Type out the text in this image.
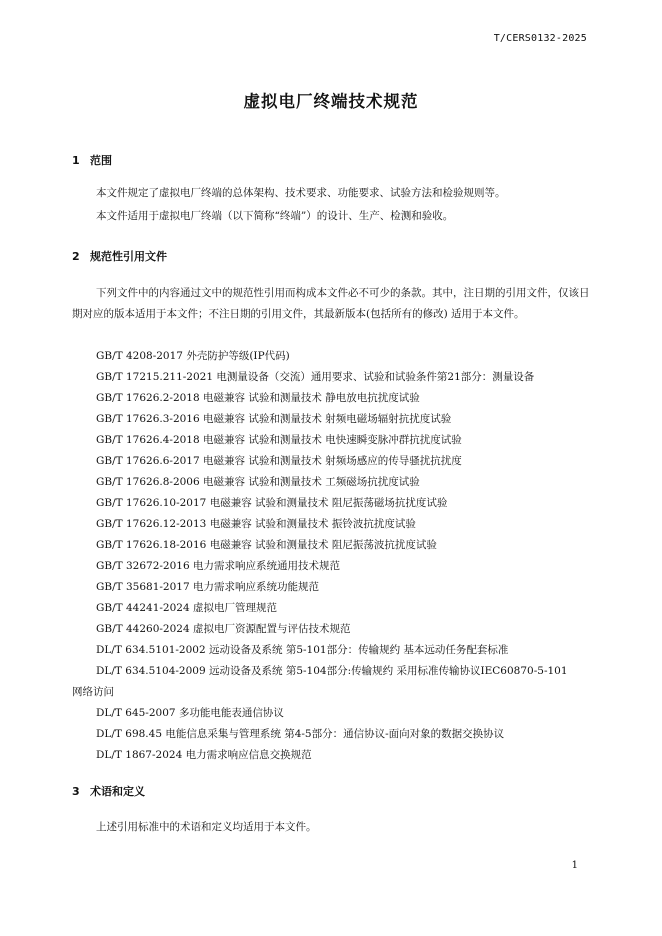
T/CERS0132-2025
虚拟电厂终端技术规范
1 范围
本文件规定了虚拟电厂终端的总体架构、技术要求、功能要求、试验方法和检验规则等。
本文件适用于虚拟电厂终端（以下简称“终端”）的设计、生产、检测和验收。
2 规范性引用文件
下列文件中的内容通过文中的规范性引用而构成本文件必不可少的条款。其中，注日期的引用文件，仅该日期对应的版本适用于本文件；不注日期的引用文件，其最新版本(包括所有的修改) 适用于本文件。
GB/T 4208-2017 外壳防护等级(IP代码)
GB/T 17215.211-2021 电测量设备（交流）通用要求、试验和试验条件第21部分：测量设备
GB/T 17626.2-2018 电磁兼容 试验和测量技术 静电放电抗扰度试验
GB/T 17626.3-2016 电磁兼容 试验和测量技术 射频电磁场辐射抗扰度试验
GB/T 17626.4-2018 电磁兼容 试验和测量技术 电快速瞬变脉冲群抗扰度试验
GB/T 17626.6-2017 电磁兼容 试验和测量技术 射频场感应的传导骚扰抗扰度
GB/T 17626.8-2006 电磁兼容 试验和测量技术 工频磁场抗扰度试验
GB/T 17626.10-2017 电磁兼容 试验和测量技术 阻尼振荡磁场抗扰度试验
GB/T 17626.12-2013 电磁兼容 试验和测量技术 振铃波抗扰度试验
GB/T 17626.18-2016 电磁兼容 试验和测量技术 阻尼振荡波抗扰度试验
GB/T 32672-2016 电力需求响应系统通用技术规范
GB/T 35681-2017 电力需求响应系统功能规范
GB/T 44241-2024 虚拟电厂管理规范
GB/T 44260-2024 虚拟电厂资源配置与评估技术规范
DL/T 634.5101-2002 远动设备及系统 第5-101部分：传输规约 基本远动任务配套标准
DL/T 634.5104-2009 远动设备及系统 第5-104部分:传输规约 采用标准传输协议IEC60870-5-101
网络访问
DL/T 645-2007 多功能电能表通信协议
DL/T 698.45 电能信息采集与管理系统 第4-5部分：通信协议-面向对象的数据交换协议
DL/T 1867-2024 电力需求响应信息交换规范
3 术语和定义
上述引用标准中的术语和定义均适用于本文件。
1
